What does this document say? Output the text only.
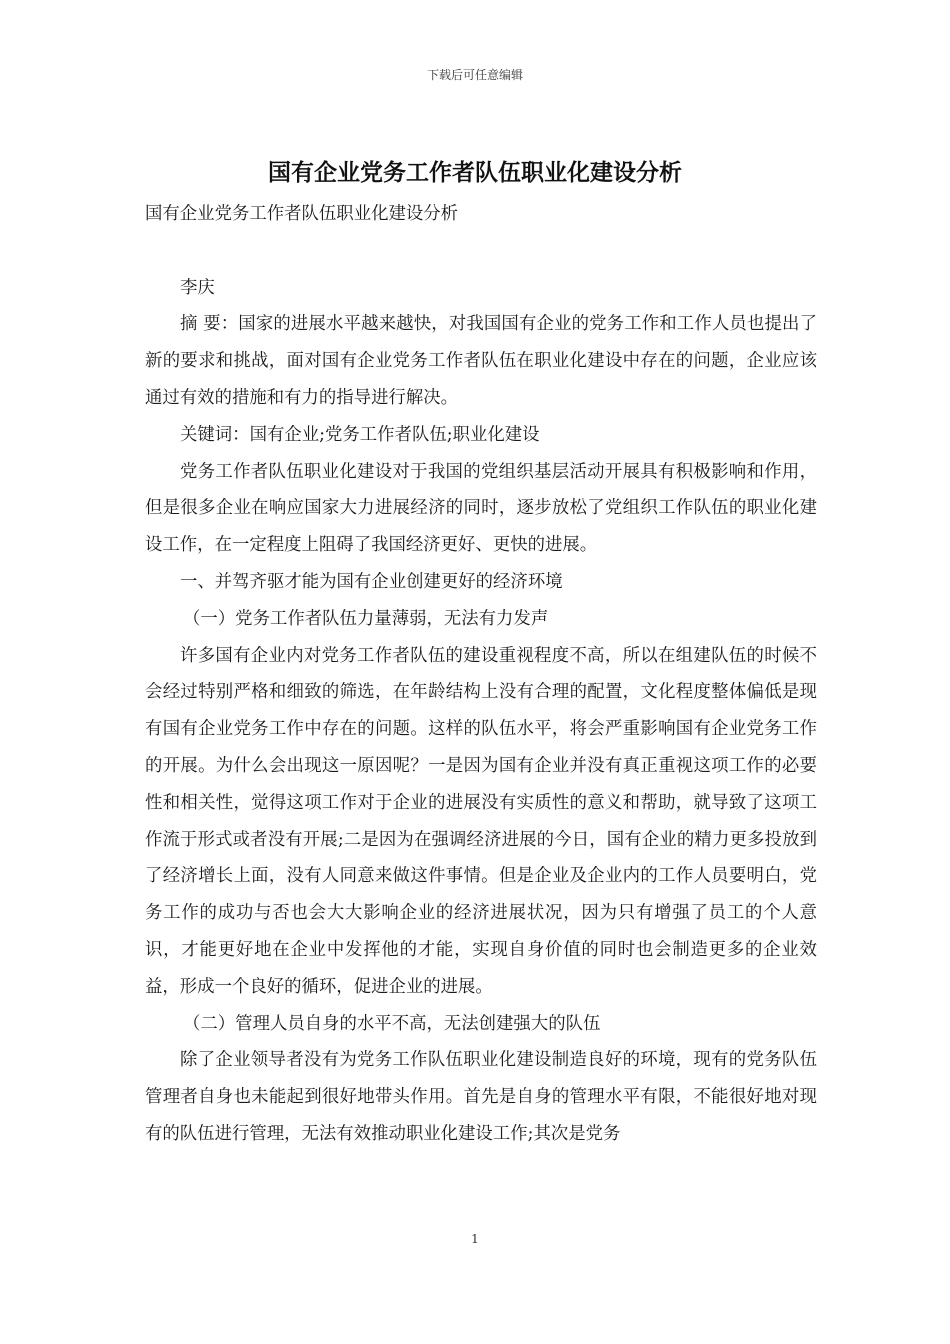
下载后可任意编辑
国有企业党务工作者队伍职业化建设分析

国有企业党务工作者队伍职业化建设分析

李庆

摘 要：国家的进展水平越来越快，对我国国有企业的党务工作和工作人员也提出了新的要求和挑战，面对国有企业党务工作者队伍在职业化建设中存在的问题，企业应该通过有效的措施和有力的指导进行解决。

关键词：国有企业;党务工作者队伍;职业化建设

党务工作者队伍职业化建设对于我国的党组织基层活动开展具有积极影响和作用，但是很多企业在响应国家大力进展经济的同时，逐步放松了党组织工作队伍的职业化建设工作，在一定程度上阻碍了我国经济更好、更快的进展。

一、并驾齐驱才能为国有企业创建更好的经济环境

（一）党务工作者队伍力量薄弱，无法有力发声

许多国有企业内对党务工作者队伍的建设重视程度不高，所以在组建队伍的时候不会经过特别严格和细致的筛选，在年龄结构上没有合理的配置，文化程度整体偏低是现有国有企业党务工作中存在的问题。这样的队伍水平，将会严重影响国有企业党务工作的开展。为什么会出现这一原因呢？一是因为国有企业并没有真正重视这项工作的必要性和相关性，觉得这项工作对于企业的进展没有实质性的意义和帮助，就导致了这项工作流于形式或者没有开展;二是因为在强调经济进展的今日，国有企业的精力更多投放到了经济增长上面，没有人同意来做这件事情。但是企业及企业内的工作人员要明白，党务工作的成功与否也会大大影响企业的经济进展状况，因为只有增强了员工的个人意识，才能更好地在企业中发挥他的才能，实现自身价值的同时也会制造更多的企业效益，形成一个良好的循环，促进企业的进展。

（二）管理人员自身的水平不高，无法创建强大的队伍

除了企业领导者没有为党务工作队伍职业化建设制造良好的环境，现有的党务队伍管理者自身也未能起到很好地带头作用。首先是自身的管理水平有限，不能很好地对现有的队伍进行管理，无法有效推动职业化建设工作;其次是党务

1
